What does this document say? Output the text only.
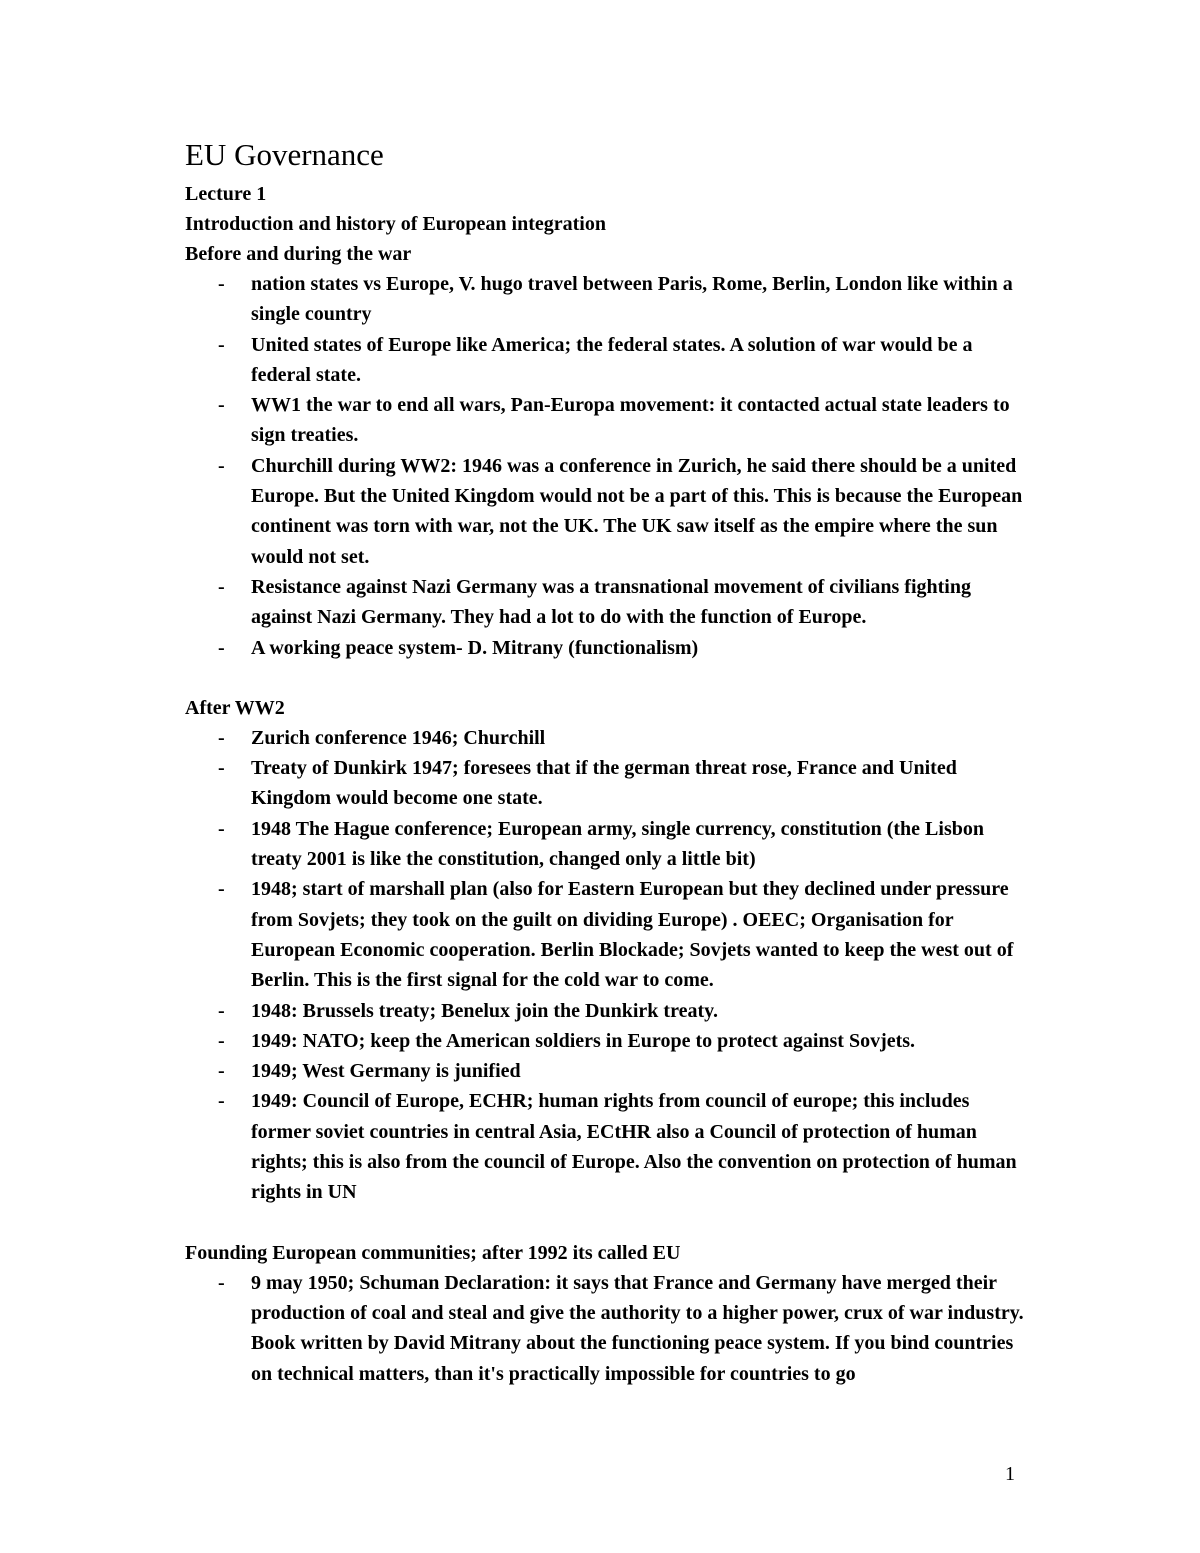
EU Governance

Lecture 1

Introduction and history of European integration

Before and during the war

- nation states vs Europe, V. hugo travel between Paris, Rome, Berlin, London like within a single country
- United states of Europe like America; the federal states. A solution of war would be a federal state.
- WW1 the war to end all wars, Pan-Europa movement: it contacted actual state leaders to sign treaties.
- Churchill during WW2: 1946 was a conference in Zurich, he said there should be a united Europe. But the United Kingdom would not be a part of this. This is because the European continent was torn with war, not the UK. The UK saw itself as the empire where the sun would not set.
- Resistance against Nazi Germany was a transnational movement of civilians fighting against Nazi Germany. They had a lot to do with the function of Europe.
- A working peace system- D. Mitrany (functionalism)

After WW2

- Zurich conference 1946; Churchill
- Treaty of Dunkirk 1947; foresees that if the german threat rose, France and United Kingdom would become one state.
- 1948 The Hague conference; European army, single currency, constitution (the Lisbon treaty 2001 is like the constitution, changed only a little bit)
- 1948; start of marshall plan (also for Eastern European but they declined under pressure from Sovjets; they took on the guilt on dividing Europe) . OEEC; Organisation for European Economic cooperation. Berlin Blockade; Sovjets wanted to keep the west out of Berlin. This is the first signal for the cold war to come.
- 1948: Brussels treaty; Benelux join the Dunkirk treaty.
- 1949: NATO; keep the American soldiers in Europe to protect against Sovjets.
- 1949; West Germany is junified
- 1949: Council of Europe, ECHR; human rights from council of europe; this includes former soviet countries in central Asia, ECtHR also a Council of protection of human rights; this is also from the council of Europe. Also the convention on protection of human rights in UN

Founding European communities; after 1992 its called EU

- 9 may 1950; Schuman Declaration: it says that France and Germany have merged their production of coal and steal and give the authority to a higher power, crux of war industry. Book written by David Mitrany about the functioning peace system. If you bind countries on technical matters, than it's practically impossible for countries to go
1
